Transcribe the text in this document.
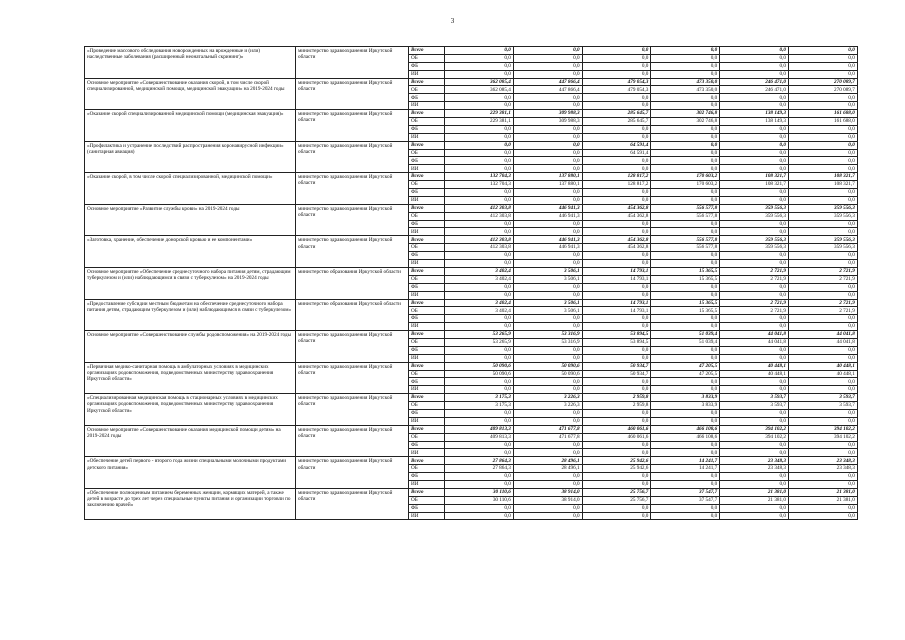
3
«Проведение массового обследования новорожденных на врожденные и (или) наследственные заболевания (расширенный неонатальный скрининг)»	министерство здравоохранения Иркутской области	Всего	0,0	0,0	0,0	0,0	0,0	0,0
		ОБ	0,0	0,0	0,0	0,0	0,0	0,0
		ФБ	0,0	0,0	0,0	0,0	0,0	0,0
		ИИ	0,0	0,0	0,0	0,0	0,0	0,0
Основное мероприятие «Совершенствование оказания скорой, в том числе скорой специализированной, медицинской помощи, медицинской эвакуации» на 2019-2024 годы	министерство здравоохранения Иркутской области	Всего	362 085,4	447 866,4	479 054,3	473 350,0	246 471,0	270 089,7
		ОБ	362 085,4	447 866,4	479 054,3	473 350,0	246 471,0	270 089,7
		ФБ	0,0	0,0	0,0	0,0	0,0	0,0
		ИИ	0,0	0,0	0,0	0,0	0,0	0,0
«Оказание скорой специализированной медицинской помощи (медицинская эвакуация)»	министерство здравоохранения Иркутской области	Всего	229 381,1	309 988,3	285 645,7	302 746,8	138 149,3	161 688,0
		ОБ	229 381,1	309 988,3	285 645,7	302 746,8	138 149,3	161 688,0
		ФБ	0,0	0,0	0,0	0,0	0,0	0,0
		ИИ	0,0	0,0	0,0	0,0	0,0	0,0
«Профилактика и устранение последствий распространения коронавирусной инфекции» (санитарная авиация)	министерство здравоохранения Иркутской области	Всего	0,0	0,0	64 591,4	0,0	0,0	0,0
		ОБ	0,0	0,0	64 591,4	0,0	0,0	0,0
		ФБ	0,0	0,0	0,0	0,0	0,0	0,0
		ИИ	0,0	0,0	0,0	0,0	0,0	0,0
«Оказание скорой, в том числе скорой специализированной, медицинской помощи»	министерство здравоохранения Иркутской области	Всего	132 704,3	137 880,1	128 817,2	170 603,2	108 321,7	108 321,7
		ОБ	132 704,3	137 880,1	128 817,2	170 603,2	108 321,7	108 321,7
		ФБ	0,0	0,0	0,0	0,0	0,0	0,0
		ИИ	0,0	0,0	0,0	0,0	0,0	0,0
Основное мероприятие «Развитие службы крови» на 2019-2024 годы	министерство здравоохранения Иркутской области	Всего	412 303,8	446 941,3	454 362,8	556 577,8	359 556,3	359 556,3
		ОБ	412 303,8	446 941,3	454 362,8	556 577,8	359 556,3	359 556,3
		ФБ	0,0	0,0	0,0	0,0	0,0	0,0
		ИИ	0,0	0,0	0,0	0,0	0,0	0,0
«Заготовка, хранение, обеспечение донорской кровью и ее компонентами»	министерство здравоохранения Иркутской области	Всего	412 303,8	446 941,3	454 362,8	556 577,8	359 556,3	359 556,3
		ОБ	412 303,8	446 941,3	454 362,8	556 577,8	359 556,3	359 556,3
		ФБ	0,0	0,0	0,0	0,0	0,0	0,0
		ИИ	0,0	0,0	0,0	0,0	0,0	0,0
Основное мероприятие «Обеспечение среднесуточного набора питания детям, страдающим туберкулезом и (или) наблюдающимся в связи с туберкулезом» на 2019-2024 годы	министерство образования Иркутской области	Всего	3 402,4	3 506,1	14 793,1	15 365,5	2 721,9	2 721,9
		ОБ	3 402,4	3 506,1	14 793,1	15 365,5	2 721,9	2 721,9
		ФБ	0,0	0,0	0,0	0,0	0,0	0,0
		ИИ	0,0	0,0	0,0	0,0	0,0	0,0
«Предоставление субсидии местным бюджетам на обеспечение среднесуточного набора питания детям, страдающим туберкулезом и (или) наблюдающимся в связи с туберкулезом»	министерство образования Иркутской области	Всего	3 402,4	3 506,1	14 793,1	15 365,5	2 721,9	2 721,9
		ОБ	3 402,4	3 506,1	14 793,1	15 365,5	2 721,9	2 721,9
		ФБ	0,0	0,0	0,0	0,0	0,0	0,0
		ИИ	0,0	0,0	0,0	0,0	0,0	0,0
Основное мероприятие «Совершенствование службы родовспоможения» на 2019-2024 годы	министерство здравоохранения Иркутской области	Всего	53 265,9	53 316,9	53 894,5	51 039,4	44 041,8	44 041,8
		ОБ	53 265,9	53 316,9	53 894,5	51 039,4	44 041,8	44 041,8
		ФБ	0,0	0,0	0,0	0,0	0,0	0,0
		ИИ	0,0	0,0	0,0	0,0	0,0	0,0
«Первичная медико-санитарная помощь в амбулаторных условиях в медицинских организациях родовспоможения, подведомственных министерству здравоохранения Иркутской области»	министерство здравоохранения Иркутской области	Всего	50 090,6	50 090,6	50 934,7	47 205,5	40 448,1	40 448,1
		ОБ	50 090,6	50 090,6	50 934,7	47 205,5	40 448,1	40 448,1
		ФБ	0,0	0,0	0,0	0,0	0,0	0,0
		ИИ	0,0	0,0	0,0	0,0	0,0	0,0
«Специализированная медицинская помощь в стационарных условиях в медицинских организациях родовспоможения, подведомственных министерству здравоохранения Иркутской области»	министерство здравоохранения Иркутской области	Всего	3 175,3	3 226,3	2 959,8	3 833,9	3 593,7	3 593,7
		ОБ	3 175,3	3 226,3	2 959,8	3 833,9	3 593,7	3 593,7
		ФБ	0,0	0,0	0,0	0,0	0,0	0,0
		ИИ	0,0	0,0	0,0	0,0	0,0	0,0
Основное мероприятие «Совершенствование оказания медицинской помощи детям» на 2019-2024 годы	министерство здравоохранения Иркутской области	Всего	409 813,3	471 677,8	460 061,6	466 108,6	394 102,2	394 102,2
		ОБ	409 813,3	471 677,8	460 061,6	466 108,6	394 102,2	394 102,2
		ФБ	0,0	0,0	0,0	0,0	0,0	0,0
		ИИ	0,0	0,0	0,0	0,0	0,0	0,0
«Обеспечение детей первого - второго года жизни специальными молочными продуктами детского питания»	министерство здравоохранения Иркутской области	Всего	27 864,3	28 496,1	25 942,6	14 241,7	23 348,3	23 348,3
		ОБ	27 864,3	28 496,1	25 942,6	14 241,7	23 348,3	23 348,3
		ФБ	0,0	0,0	0,0	0,0	0,0	0,0
		ИИ	0,0	0,0	0,0	0,0	0,0	0,0
«Обеспечение полноценным питанием беременных женщин, кормящих матерей, а также детей в возрасте до трех лет через специальные пункты питания и организации торговли по заключению врачей»	министерство здравоохранения Иркутской области	Всего	30 110,6	38 914,0	25 756,7	37 547,7	21 381,0	21 381,0
		ОБ	30 110,6	38 914,0	25 756,7	37 547,7	21 381,0	21 381,0
		ФБ	0,0	0,0	0,0	0,0	0,0	0,0
		ИИ	0,0	0,0	0,0	0,0	0,0	0,0
